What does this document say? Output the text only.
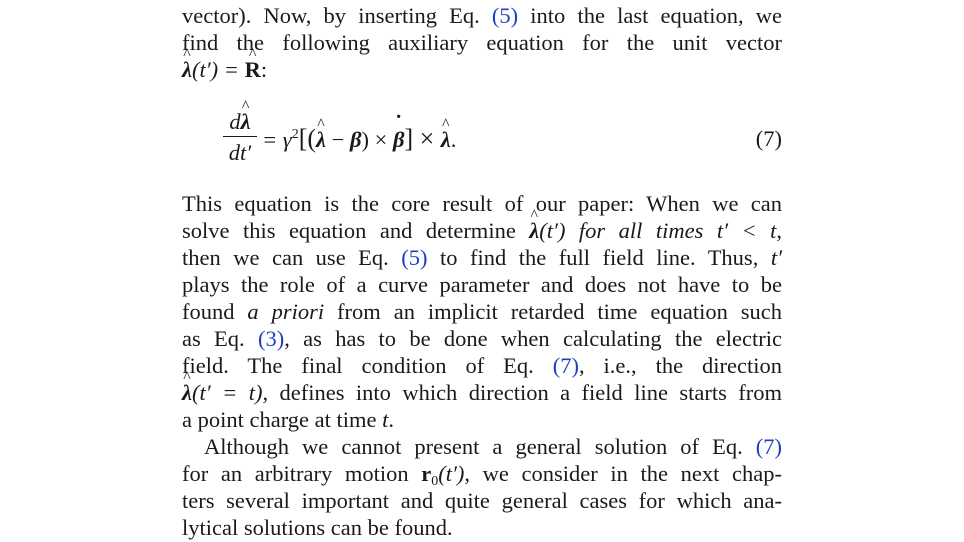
vector). Now, by inserting Eq. (5) into the last equation, we
find the following auxiliary equation for the unit vector
λ ^(t′) = R ^:
dλ ^
dt′
= $\gamma^2[(\lambda$ ^ − β) × β ˙] × λ ^.	(7)
This equation is the core result of our paper: When we can
solve this equation and determine λ ^(t′) for all times t′ < t,
then we can use Eq. (5) to find the full field line. Thus, t′
plays the role of a curve parameter and does not have to be
found a priori from an implicit retarded time equation such
as Eq. (3), as has to be done when calculating the electric
field. The final condition of Eq. (7), i.e., the direction
λ ^(t′ = t), defines into which direction a field line starts from
a point charge at time t.
Although we cannot present a general solution of Eq. (7)
for an arbitrary motion $r_0(t')$, we consider in the next chap-
ters several important and quite general cases for which ana-
lytical solutions can be found.
